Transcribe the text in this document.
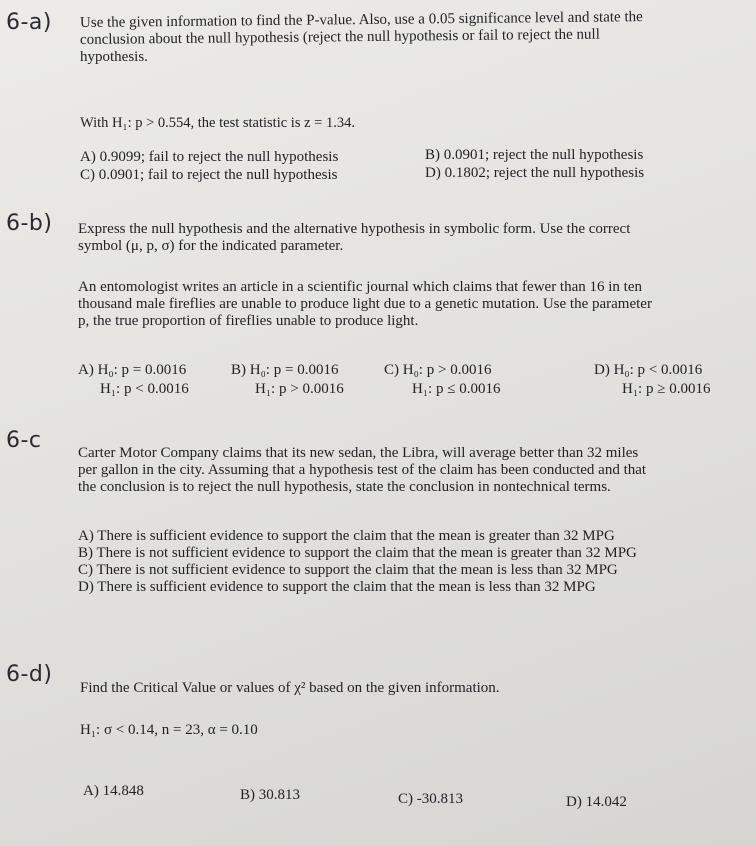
6-a) Use the given information to find the P-value. Also, use a 0.05 significance level and state the
conclusion about the null hypothesis (reject the null hypothesis or fail to reject the null
hypothesis.
With H₁: p > 0.554, the test statistic is z = 1.34.
A) 0.9099; fail to reject the null hypothesis	B) 0.0901; reject the null hypothesis
C) 0.0901; fail to reject the null hypothesis	D) 0.1802; reject the null hypothesis
6-b) Express the null hypothesis and the alternative hypothesis in symbolic form. Use the correct
symbol (μ, p, σ) for the indicated parameter.
An entomologist writes an article in a scientific journal which claims that fewer than 16 in ten
thousand male fireflies are unable to produce light due to a genetic mutation. Use the parameter
p, the true proportion of fireflies unable to produce light.
A) H₀: p = 0.0016
H₁: p < 0.0016
B) H₀: p = 0.0016
H₁: p > 0.0016
C) H₀: p > 0.0016
H₁: p ≤ 0.0016
D) H₀: p < 0.0016
H₁: p ≥ 0.0016
6-c Carter Motor Company claims that its new sedan, the Libra, will average better than 32 miles
per gallon in the city. Assuming that a hypothesis test of the claim has been conducted and that
the conclusion is to reject the null hypothesis, state the conclusion in nontechnical terms.
A) There is sufficient evidence to support the claim that the mean is greater than 32 MPG
B) There is not sufficient evidence to support the claim that the mean is greater than 32 MPG
C) There is not sufficient evidence to support the claim that the mean is less than 32 MPG
D) There is sufficient evidence to support the claim that the mean is less than 32 MPG
6-d)
Find the Critical Value or values of χ² based on the given information.
H₁: σ < 0.14, n = 23, α = 0.10
A) 14.848	B) 30.813	C) -30.813	D) 14.042
